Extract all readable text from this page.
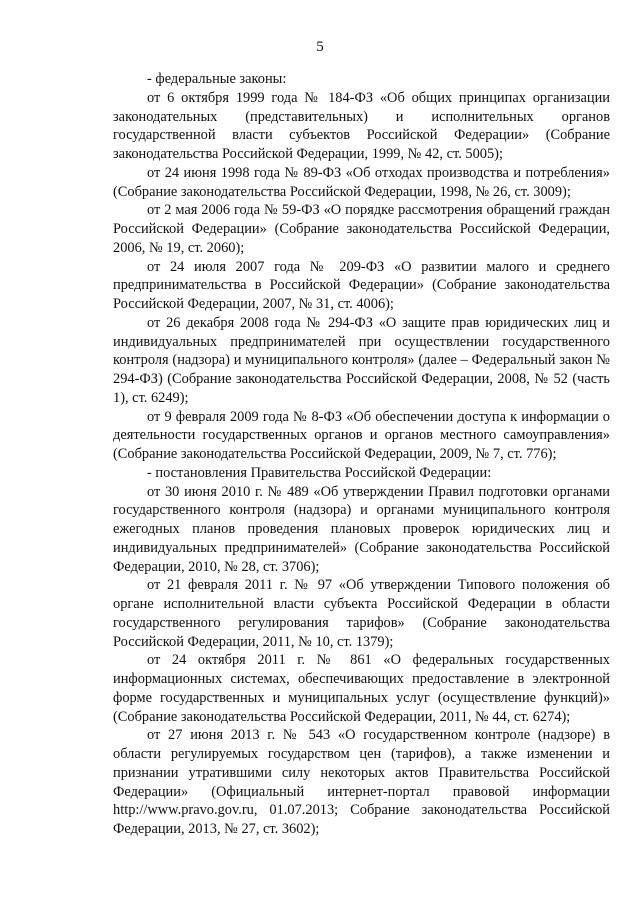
5

- федеральные законы:

от 6 октября 1999 года № 184-ФЗ «Об общих принципах организации законодательных (представительных) и исполнительных органов государственной власти субъектов Российской Федерации» (Собрание законодательства Российской Федерации, 1999, № 42, ст. 5005);

от 24 июня 1998 года № 89-ФЗ «Об отходах производства и потребления» (Собрание законодательства Российской Федерации, 1998, № 26, ст. 3009);

от 2 мая 2006 года № 59-ФЗ «О порядке рассмотрения обращений граждан Российской Федерации» (Собрание законодательства Российской Федерации, 2006, № 19, ст. 2060);

от 24 июля 2007 года № 209-ФЗ «О развитии малого и среднего предпринимательства в Российской Федерации» (Собрание законодательства Российской Федерации, 2007, № 31, ст. 4006);

от 26 декабря 2008 года № 294-ФЗ «О защите прав юридических лиц и индивидуальных предпринимателей при осуществлении государственного контроля (надзора) и муниципального контроля» (далее – Федеральный закон № 294-ФЗ) (Собрание законодательства Российской Федерации, 2008, № 52 (часть 1), ст. 6249);

от 9 февраля 2009 года № 8-ФЗ «Об обеспечении доступа к информации о деятельности государственных органов и органов местного самоуправления» (Собрание законодательства Российской Федерации, 2009, № 7, ст. 776);

- постановления Правительства Российской Федерации:

от 30 июня 2010 г. № 489 «Об утверждении Правил подготовки органами государственного контроля (надзора) и органами муниципального контроля ежегодных планов проведения плановых проверок юридических лиц и индивидуальных предпринимателей» (Собрание законодательства Российской Федерации, 2010, № 28, ст. 3706);

от 21 февраля 2011 г. № 97 «Об утверждении Типового положения об органе исполнительной власти субъекта Российской Федерации в области государственного регулирования тарифов» (Собрание законодательства Российской Федерации, 2011, № 10, ст. 1379);

от 24 октября 2011 г. № 861 «О федеральных государственных информационных системах, обеспечивающих предоставление в электронной форме государственных и муниципальных услуг (осуществление функций)» (Собрание законодательства Российской Федерации, 2011, № 44, ст. 6274);

от 27 июня 2013 г. № 543 «О государственном контроле (надзоре) в области регулируемых государством цен (тарифов), а также изменении и признании утратившими силу некоторых актов Правительства Российской Федерации» (Официальный интернет-портал правовой информации http://www.pravo.gov.ru, 01.07.2013; Собрание законодательства Российской Федерации, 2013, № 27, ст. 3602);
